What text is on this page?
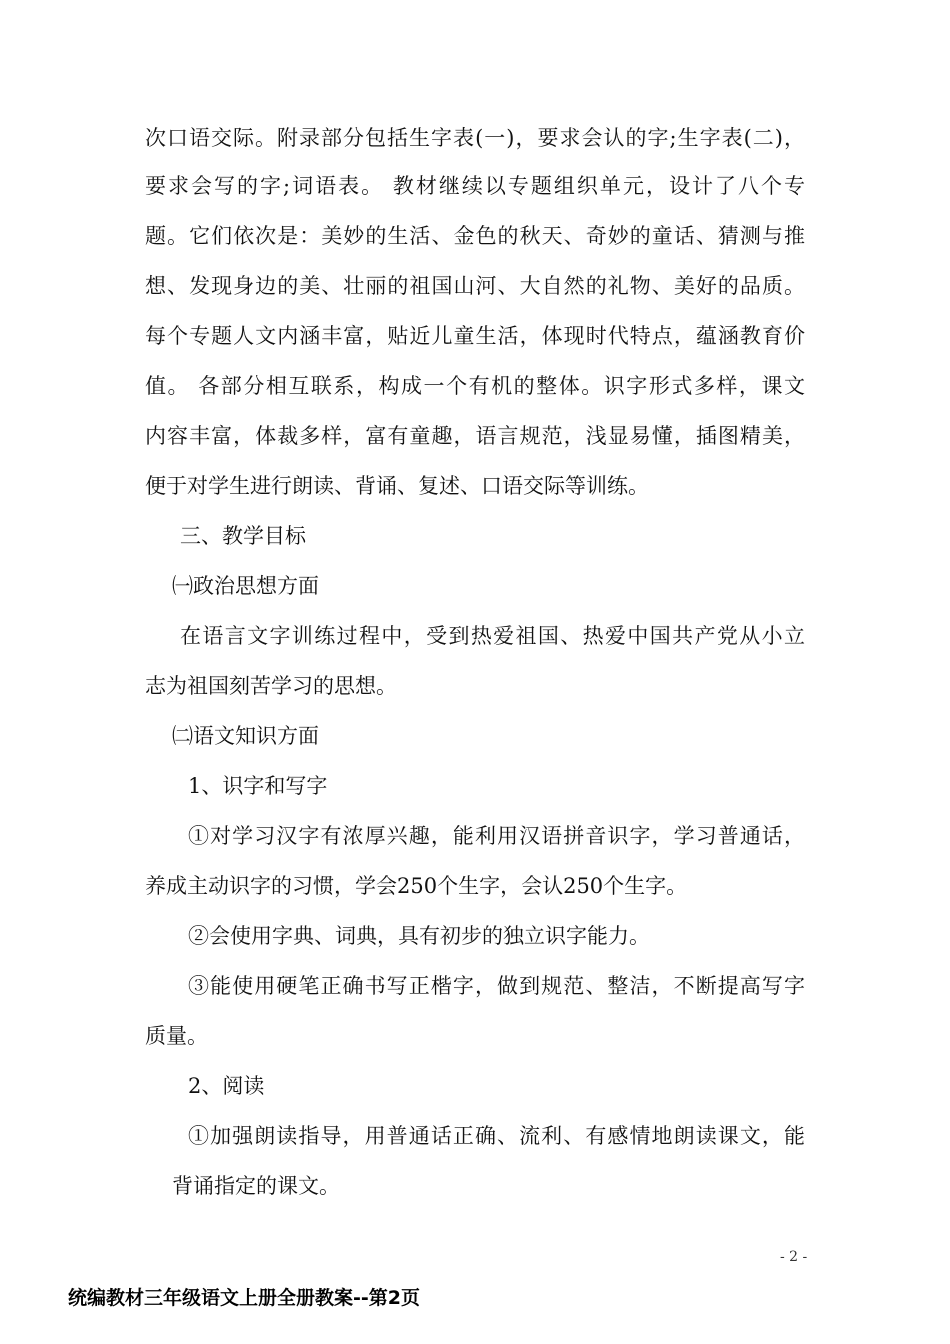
次口语交际。附录部分包括生字表(一)，要求会认的字;生字表(二)，
要求会写的字;词语表。 教材继续以专题组织单元，设计了八个专
题。它们依次是：美妙的生活、金色的秋天、奇妙的童话、猜测与推
想、发现身边的美、壮丽的祖国山河、大自然的礼物、美好的品质。
每个专题人文内涵丰富，贴近儿童生活，体现时代特点，蕴涵教育价
值。 各部分相互联系，构成一个有机的整体。识字形式多样，课文
内容丰富，体裁多样，富有童趣，语言规范，浅显易懂，插图精美，
便于对学生进行朗读、背诵、复述、口语交际等训练。
三、教学目标
㈠政治思想方面
在语言文字训练过程中，受到热爱祖国、热爱中国共产党从小立
志为祖国刻苦学习的思想。
㈡语文知识方面
1、识字和写字
①对学习汉字有浓厚兴趣，能利用汉语拼音识字，学习普通话，
养成主动识字的习惯，学会250个生字，会认250个生字。
②会使用字典、词典，具有初步的独立识字能力。
③能使用硬笔正确书写正楷字，做到规范、整洁，不断提高写字
质量。
2、阅读
①加强朗读指导，用普通话正确、流利、有感情地朗读课文，能
背诵指定的课文。
- 2 -
统编教材三年级语文上册全册教案--第2页
